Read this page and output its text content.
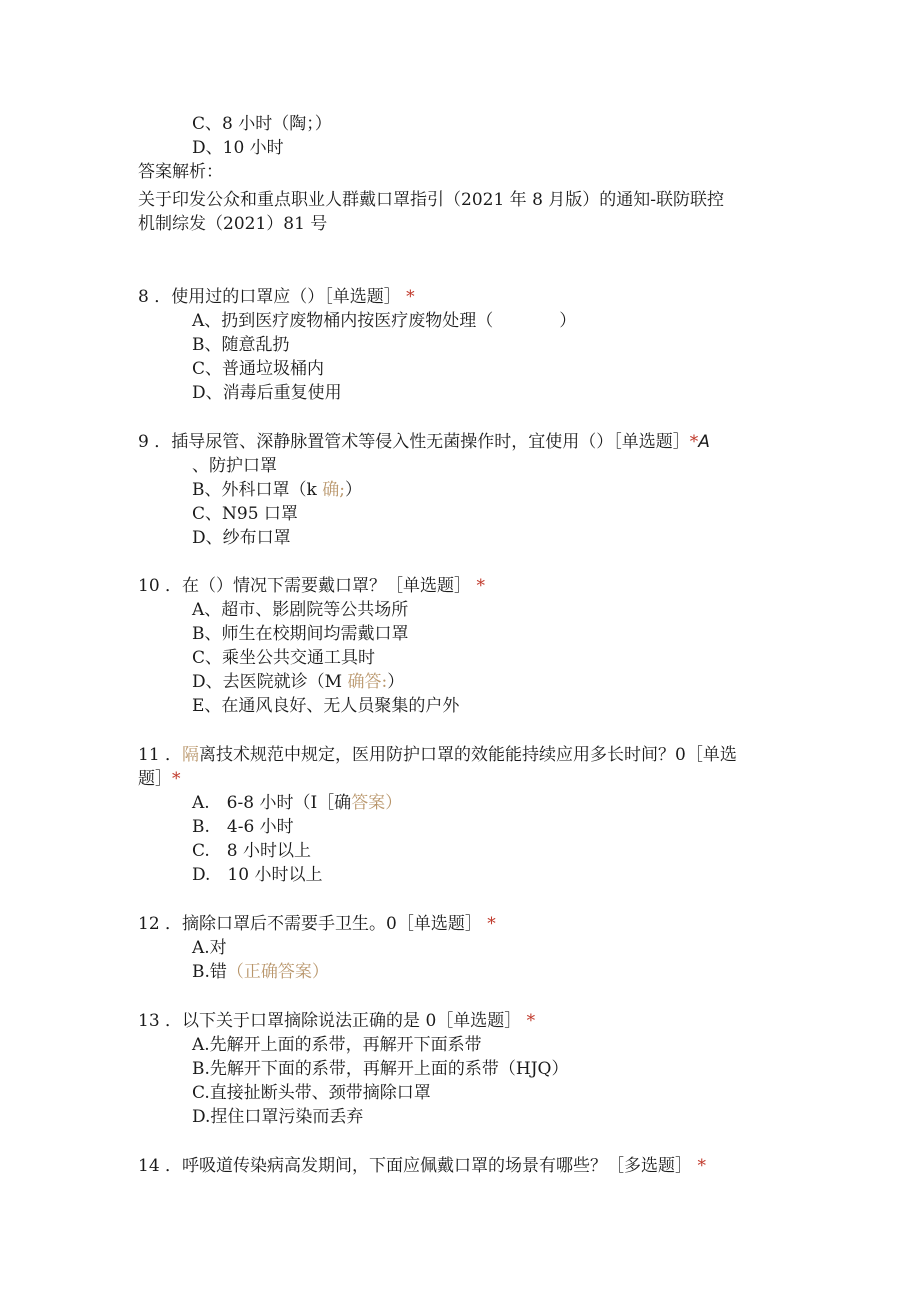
C、8 小时（陶；）
D、10 小时
答案解析：
关于印发公众和重点职业人群戴口罩指引（2021 年 8 月版）的通知-联防联控
机制综发（2021）81 号
8 ．使用过的口罩应（）［单选题］ *
A、扔到医疗废物桶内按医疗废物处理（	）
B、随意乱扔
C、普通垃圾桶内
D、消毒后重复使用
9 ．插导尿管、深静脉置管术等侵入性无菌操作时，宜使用（）［单选题］*A
、防护口罩
B、外科口罩（k 确;）
C、N95 口罩
D、纱布口罩
10 ．在（）情况下需要戴口罩？［单选题］ *
A、超市、影剧院等公共场所
B、师生在校期间均需戴口罩
C、乘坐公共交通工具时
D、去医院就诊（M 确答:）
E、在通风良好、无人员聚集的户外
11 ．隔离技术规范中规定，医用防护口罩的效能能持续应用多长时间？0［单选
题］*
A.　6-8 小时（I［确答案）
B.　4-6 小时
C.　8 小时以上
D.　10 小时以上
12 ．摘除口罩后不需要手卫生。0［单选题］ *
A.对
B.错（正确答案）
13 ．以下关于口罩摘除说法正确的是 0［单选题］ *
A.先解开上面的系带，再解开下面系带
B.先解开下面的系带，再解开上面的系带（HJQ）
C.直接扯断头带、颈带摘除口罩
D.捏住口罩污染而丢弃
14 ．呼吸道传染病高发期间，下面应佩戴口罩的场景有哪些？［多选题］ *
